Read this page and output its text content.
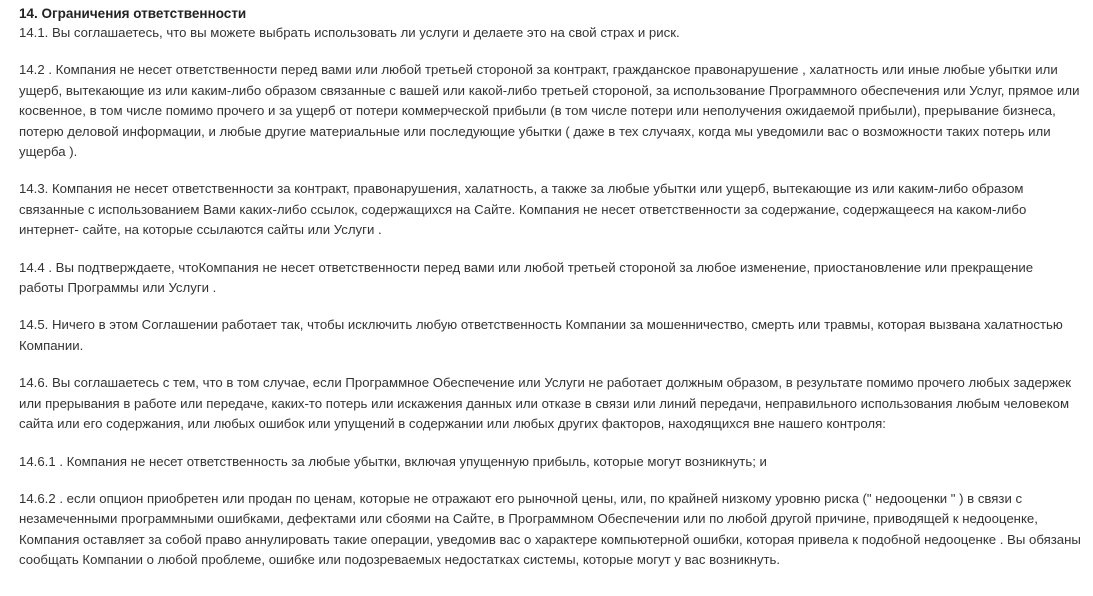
14. Ограничения ответственности

14.1. Вы соглашаетесь, что вы можете выбрать использовать ли услуги и делаете это на свой страх и риск.

14.2 . Компания не несет ответственности перед вами или любой третьей стороной за контракт, гражданское правонарушение , халатность или иные любые убытки или ущерб, вытекающие из или каким-либо образом связанные с вашей или какой-либо третьей стороной, за использование Программного обеспечения или Услуг, прямое или косвенное, в том числе помимо прочего и за ущерб от потери коммерческой прибыли (в том числе потери или неполучения ожидаемой прибыли), прерывание бизнеса, потерю деловой информации, и любые другие материальные или последующие убытки ( даже в тех случаях, когда мы уведомили вас о возможности таких потерь или ущерба ).

14.3. Компания не несет ответственности за контракт, правонарушения, халатность, а также за любые убытки или ущерб, вытекающие из или каким-либо образом связанные с использованием Вами каких-либо ссылок, содержащихся на Сайте. Компания не несет ответственности за содержание, содержащееся на каком-либо интернет- сайте, на которые ссылаются сайты или Услуги .

14.4 . Вы подтверждаете, чтоКомпания не несет ответственности перед вами или любой третьей стороной за любое изменение, приостановление или прекращение работы Программы или Услуги .

14.5. Ничего в этом Соглашении работает так, чтобы исключить любую ответственность Компании за мошенничество, смерть или травмы, которая вызвана халатностью Компании.

14.6. Вы соглашаетесь с тем, что в том случае, если Программное Обеспечение или Услуги не работает должным образом, в результате помимо прочего любых задержек или прерывания в работе или передаче, каких-то потерь или искажения данных или отказе в связи или линий передачи, неправильного использования любым человеком сайта или его содержания, или любых ошибок или упущений в содержании или любых других факторов, находящихся вне нашего контроля:

14.6.1 . Компания не несет ответственность за любые убытки, включая упущенную прибыль, которые могут возникнуть; и

14.6.2 . если опцион приобретен или продан по ценам, которые не отражают его рыночной цены, или, по крайней низкому уровню риска (" недооценки " ) в связи с незамеченными программными ошибками, дефектами или сбоями на Сайте, в Программном Обеспечении или по любой другой причине, приводящей к недооценке, Компания оставляет за собой право аннулировать такие операции, уведомив вас о характере компьютерной ошибки, которая привела к подобной недооценке . Вы обязаны сообщать Компании о любой проблеме, ошибке или подозреваемых недостатках системы, которые могут у вас возникнуть.
